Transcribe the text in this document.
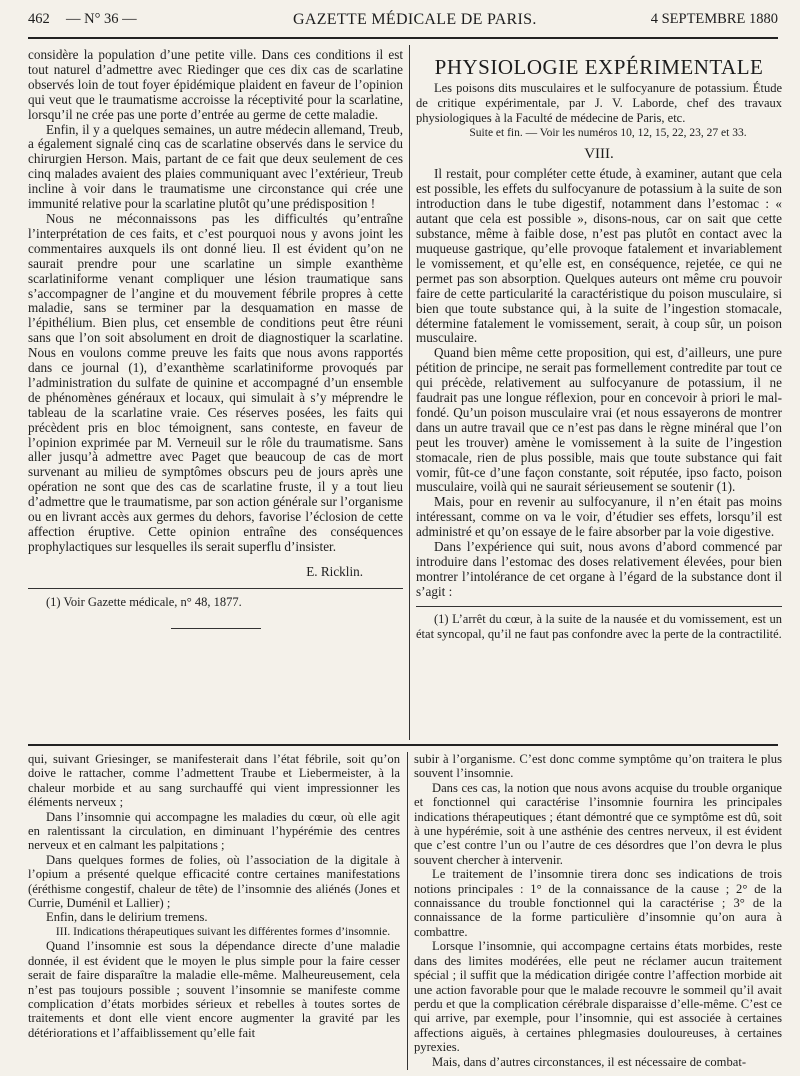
462 — N° 36 —	GAZETTE MÉDICALE DE PARIS.	4 SEPTEMBRE 1880

considère la population d’une petite ville. Dans ces conditions il est tout naturel d’admettre avec Riedinger que ces dix cas de scarlatine observés loin de tout foyer épidémique plaident en faveur de l’opinion qui veut que le traumatisme accroisse la réceptivité pour la scarlatine, lorsqu’il ne crée pas une porte d’entrée au germe de cette maladie.

Enfin, il y a quelques semaines, un autre médecin allemand, Treub, a également signalé cinq cas de scarlatine observés dans le service du chirurgien Herson. Mais, partant de ce fait que deux seulement de ces cinq malades avaient des plaies communiquant avec l’extérieur, Treub incline à voir dans le traumatisme une circonstance qui crée une immunité relative pour la scarlatine plutôt qu’une prédisposition !

Nous ne méconnaissons pas les difficultés qu’entraîne l’interprétation de ces faits, et c’est pourquoi nous y avons joint les commentaires auxquels ils ont donné lieu. Il est évident qu’on ne saurait prendre pour une scarlatine un simple exanthème scarlatiniforme venant compliquer une lésion traumatique sans s’accompagner de l’angine et du mouvement fébrile propres à cette maladie, sans se terminer par la desquamation en masse de l’épithélium. Bien plus, cet ensemble de conditions peut être réuni sans que l’on soit absolument en droit de diagnostiquer la scarlatine. Nous en voulons comme preuve les faits que nous avons rapportés dans ce journal (1), d’exanthème scarlatiniforme provoqués par l’administration du sulfate de quinine et accompagné d’un ensemble de phénomènes généraux et locaux, qui simulait à s’y méprendre le tableau de la scarlatine vraie. Ces réserves posées, les faits qui précèdent pris en bloc témoignent, sans conteste, en faveur de l’opinion exprimée par M. Verneuil sur le rôle du traumatisme. Sans aller jusqu’à admettre avec Paget que beaucoup de cas de mort survenant au milieu de symptômes obscurs peu de jours après une opération ne sont que des cas de scarlatine fruste, il y a tout lieu d’admettre que le traumatisme, par son action générale sur l’organisme ou en livrant accès aux germes du dehors, favorise l’éclosion de cette affection éruptive. Cette opinion entraîne des conséquences prophylactiques sur lesquelles ils serait superflu d’insister.

E. Ricklin.

(1) Voir Gazette médicale, n° 48, 1877.

PHYSIOLOGIE EXPÉRIMENTALE

Les poisons dits musculaires et le sulfocyanure de potassium. Étude de critique expérimentale, par J. V. Laborde, chef des travaux physiologiques à la Faculté de médecine de Paris, etc.

Suite et fin. — Voir les numéros 10, 12, 15, 22, 23, 27 et 33.

VIII.

Il restait, pour compléter cette étude, à examiner, autant que cela est possible, les effets du sulfocyanure de potassium à la suite de son introduction dans le tube digestif, notamment dans l’estomac : « autant que cela est possible », disons-nous, car on sait que cette substance, même à faible dose, n’est pas plutôt en contact avec la muqueuse gastrique, qu’elle provoque fatalement et invariablement le vomissement, et qu’elle est, en conséquence, rejetée, ce qui ne permet pas son absorption. Quelques auteurs ont même cru pouvoir faire de cette particularité la caractéristique du poison musculaire, si bien que toute substance qui, à la suite de l’ingestion stomacale, détermine fatalement le vomissement, serait, à coup sûr, un poison musculaire.

Quand bien même cette proposition, qui est, d’ailleurs, une pure pétition de principe, ne serait pas formellement contredite par tout ce qui précède, relativement au sulfocyanure de potassium, il ne faudrait pas une longue réflexion, pour en concevoir à priori le mal-fondé. Qu’un poison musculaire vrai (et nous essayerons de montrer dans un autre travail que ce n’est pas dans le règne minéral que l’on peut les trouver) amène le vomissement à la suite de l’ingestion stomacale, rien de plus possible, mais que toute substance qui fait vomir, fût-ce d’une façon constante, soit réputée, ipso facto, poison musculaire, voilà qui ne saurait sérieusement se soutenir (1).

Mais, pour en revenir au sulfocyanure, il n’en était pas moins intéressant, comme on va le voir, d’étudier ses effets, lorsqu’il est administré et qu’on essaye de le faire absorber par la voie digestive.

Dans l’expérience qui suit, nous avons d’abord commencé par introduire dans l’estomac des doses relativement élevées, pour bien montrer l’intolérance de cet organe à l’égard de la substance dont il s’agit :

(1) L’arrêt du cœur, à la suite de la nausée et du vomissement, est un état syncopal, qu’il ne faut pas confondre avec la perte de la contractilité.

qui, suivant Griesinger, se manifesterait dans l’état fébrile, soit qu’on doive le rattacher, comme l’admettent Traube et Liebermeister, à la chaleur morbide et au sang surchauffé qui vient impressionner les éléments nerveux ;

Dans l’insomnie qui accompagne les maladies du cœur, où elle agit en ralentissant la circulation, en diminuant l’hypérémie des centres nerveux et en calmant les palpitations ;

Dans quelques formes de folies, où l’association de la digitale à l’opium a présenté quelque efficacité contre certaines manifestations (éréthisme congestif, chaleur de tête) de l’insomnie des aliénés (Jones et Currie, Duménil et Lallier) ;

Enfin, dans le delirium tremens.

III. Indications thérapeutiques suivant les différentes formes d’insomnie.

Quand l’insomnie est sous la dépendance directe d’une maladie donnée, il est évident que le moyen le plus simple pour la faire cesser serait de faire disparaître la maladie elle-même. Malheureusement, cela n’est pas toujours possible ; souvent l’insomnie se manifeste comme complication d’états morbides sérieux et rebelles à toutes sortes de traitements et dont elle vient encore augmenter la gravité par les détériorations et l’affaiblissement qu’elle fait

subir à l’organisme. C’est donc comme symptôme qu’on traitera le plus souvent l’insomnie.

Dans ces cas, la notion que nous avons acquise du trouble organique et fonctionnel qui caractérise l’insomnie fournira les principales indications thérapeutiques ; étant démontré que ce symptôme est dû, soit à une hypérémie, soit à une asthénie des centres nerveux, il est évident que c’est contre l’un ou l’autre de ces désordres que l’on devra le plus souvent chercher à intervenir.

Le traitement de l’insomnie tirera donc ses indications de trois notions principales : 1° de la connaissance de la cause ; 2° de la connaissance du trouble fonctionnel qui la caractérise ; 3° de la connaissance de la forme particulière d’insomnie qu’on aura à combattre.

Lorsque l’insomnie, qui accompagne certains états morbides, reste dans des limites modérées, elle peut ne réclamer aucun traitement spécial ; il suffit que la médication dirigée contre l’affection morbide ait une action favorable pour que le malade recouvre le sommeil qu’il avait perdu et que la complication cérébrale disparaisse d’elle-même. C’est ce qui arrive, par exemple, pour l’insomnie, qui est associée à certaines affections aiguës, à certaines phlegmasies douloureuses, à certaines pyrexies.

Mais, dans d’autres circonstances, il est nécessaire de combat-
